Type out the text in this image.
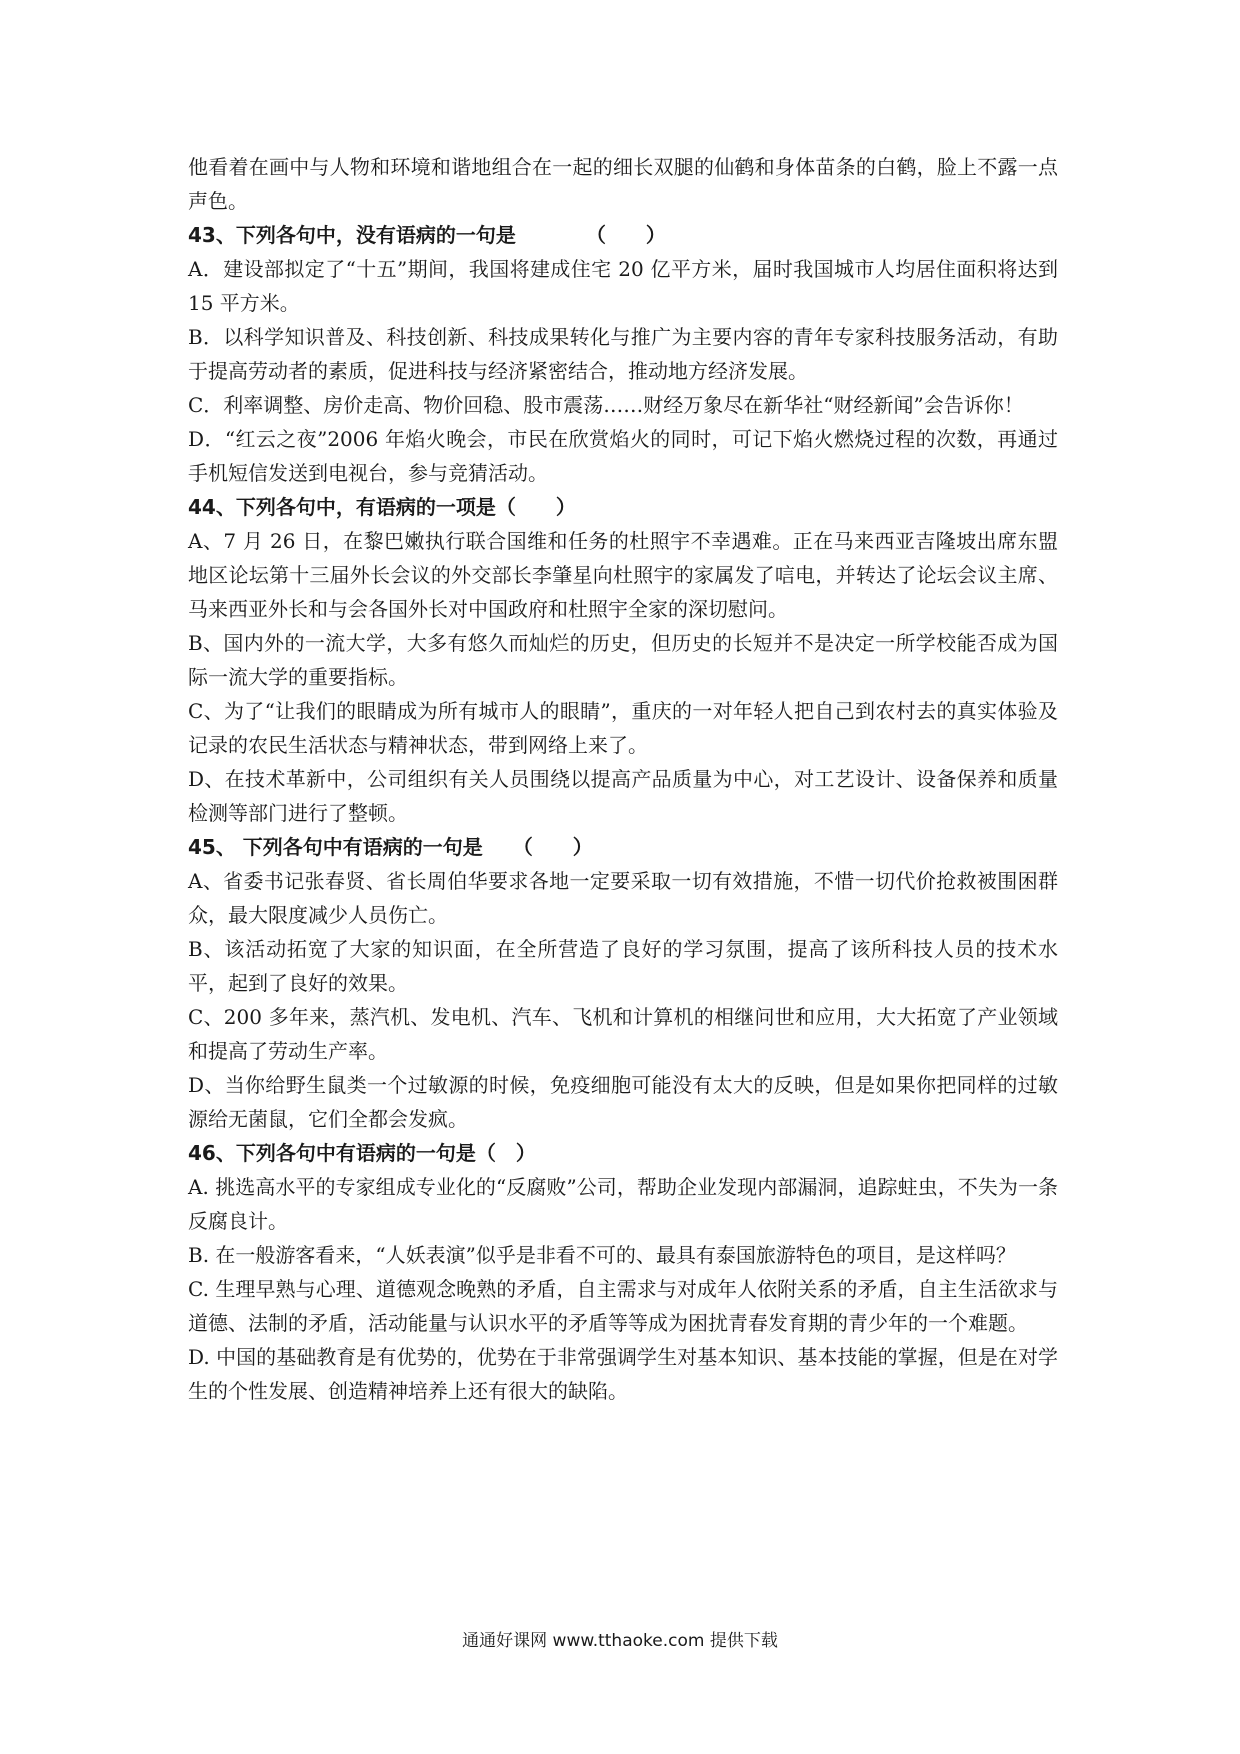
他看着在画中与人物和环境和谐地组合在一起的细长双腿的仙鹤和身体苗条的白鹤，脸上不露一点声色。

43、下列各句中，没有语病的一句是　　　　（　　）

A．建设部拟定了“十五”期间，我国将建成住宅 20 亿平方米，届时我国城市人均居住面积将达到 15 平方米。

B．以科学知识普及、科技创新、科技成果转化与推广为主要内容的青年专家科技服务活动，有助于提高劳动者的素质，促进科技与经济紧密结合，推动地方经济发展。

C．利率调整、房价走高、物价回稳、股市震荡……财经万象尽在新华社“财经新闻”会告诉你！

D．“红云之夜”2006 年焰火晚会，市民在欣赏焰火的同时，可记下焰火燃烧过程的次数，再通过手机短信发送到电视台，参与竞猜活动。

44、下列各句中，有语病的一项是（　　）

A、7 月 26 日，在黎巴嫩执行联合国维和任务的杜照宇不幸遇难。正在马来西亚吉隆坡出席东盟地区论坛第十三届外长会议的外交部长李肇星向杜照宇的家属发了唁电，并转达了论坛会议主席、马来西亚外长和与会各国外长对中国政府和杜照宇全家的深切慰问。

B、国内外的一流大学，大多有悠久而灿烂的历史，但历史的长短并不是决定一所学校能否成为国际一流大学的重要指标。

C、为了“让我们的眼睛成为所有城市人的眼睛”，重庆的一对年轻人把自己到农村去的真实体验及记录的农民生活状态与精神状态，带到网络上来了。

D、在技术革新中，公司组织有关人员围绕以提高产品质量为中心，对工艺设计、设备保养和质量检测等部门进行了整顿。

45、 下列各句中有语病的一句是　　（　　）

A、省委书记张春贤、省长周伯华要求各地一定要采取一切有效措施，不惜一切代价抢救被围困群众，最大限度减少人员伤亡。

B、该活动拓宽了大家的知识面，在全所营造了良好的学习氛围，提高了该所科技人员的技术水平，起到了良好的效果。

C、200 多年来，蒸汽机、发电机、汽车、飞机和计算机的相继问世和应用，大大拓宽了产业领域和提高了劳动生产率。

D、当你给野生鼠类一个过敏源的时候，免疫细胞可能没有太大的反映，但是如果你把同样的过敏源给无菌鼠，它们全都会发疯。

46、下列各句中有语病的一句是（　）

A. 挑选高水平的专家组成专业化的“反腐败”公司，帮助企业发现内部漏洞，追踪蛀虫，不失为一条反腐良计。

B. 在一般游客看来，“人妖表演”似乎是非看不可的、最具有泰国旅游特色的项目，是这样吗？

C. 生理早熟与心理、道德观念晚熟的矛盾，自主需求与对成年人依附关系的矛盾，自主生活欲求与道德、法制的矛盾，活动能量与认识水平的矛盾等等成为困扰青春发育期的青少年的一个难题。

D. 中国的基础教育是有优势的，优势在于非常强调学生对基本知识、基本技能的掌握，但是在对学生的个性发展、创造精神培养上还有很大的缺陷。

通通好课网 www.tthaoke.com 提供下载
